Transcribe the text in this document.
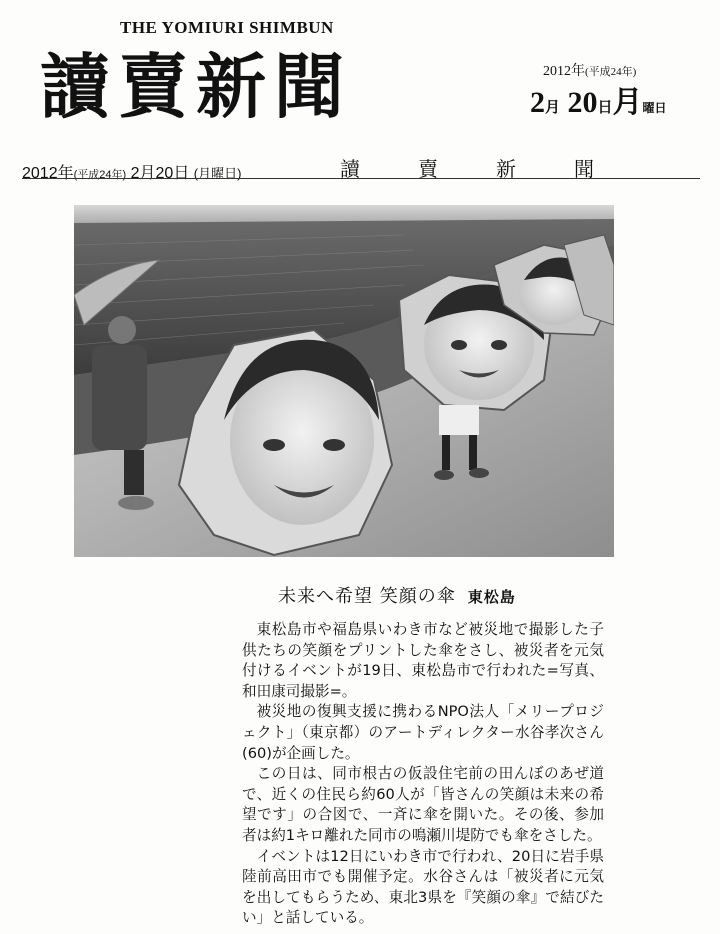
THE YOMIURI SHIMBUN
讀賣新聞	2012年(平成24年)
2月 20日月曜日
2012年(平成24年) 2月20日 (月曜日)	讀賣新聞
未来へ希望 笑顔の傘 東松島

東松島市や福島県いわき市など被災地で撮影した子供たちの笑顔をプリントした傘をさし、被災者を元気付けるイベントが19日、東松島市で行われた=写真、和田康司撮影=。

被災地の復興支援に携わるNPO法人「メリープロジェクト」（東京都）のアートディレクター水谷孝次さん(60)が企画した。

この日は、同市根古の仮設住宅前の田んぼのあぜ道で、近くの住民ら約60人が「皆さんの笑顔は未来の希望です」の合図で、一斉に傘を開いた。その後、参加者は約1キロ離れた同市の鳴瀬川堤防でも傘をさした。

イベントは12日にいわき市で行われ、20日に岩手県陸前高田市でも開催予定。水谷さんは「被災者に元気を出してもらうため、東北3県を『笑顔の傘』で結びたい」と話している。
